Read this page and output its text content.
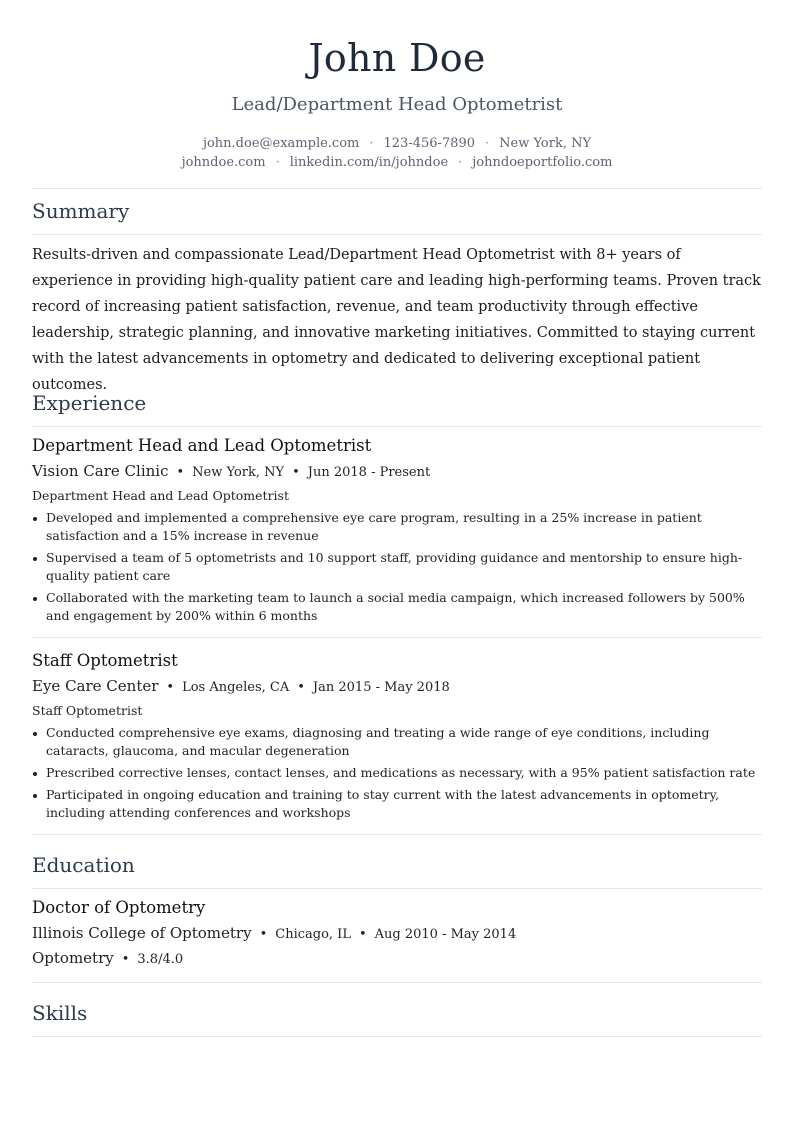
John Doe
Lead/Department Head Optometrist
john.doe@example.com · 123-456-7890 · New York, NY
johndoe.com · linkedin.com/in/johndoe · johndoeportfolio.com
Summary
Results-driven and compassionate Lead/Department Head Optometrist with 8+ years of experience in providing high-quality patient care and leading high-performing teams. Proven track record of increasing patient satisfaction, revenue, and team productivity through effective leadership, strategic planning, and innovative marketing initiatives. Committed to staying current with the latest advancements in optometry and dedicated to delivering exceptional patient outcomes.
Experience
Department Head and Lead Optometrist
Vision Care Clinic • New York, NY • Jun 2018 - Present
Department Head and Lead Optometrist
Developed and implemented a comprehensive eye care program, resulting in a 25% increase in patient satisfaction and a 15% increase in revenue
Supervised a team of 5 optometrists and 10 support staff, providing guidance and mentorship to ensure high-quality patient care
Collaborated with the marketing team to launch a social media campaign, which increased followers by 500% and engagement by 200% within 6 months
Staff Optometrist
Eye Care Center • Los Angeles, CA • Jan 2015 - May 2018
Staff Optometrist
Conducted comprehensive eye exams, diagnosing and treating a wide range of eye conditions, including cataracts, glaucoma, and macular degeneration
Prescribed corrective lenses, contact lenses, and medications as necessary, with a 95% patient satisfaction rate
Participated in ongoing education and training to stay current with the latest advancements in optometry, including attending conferences and workshops
Education
Doctor of Optometry
Illinois College of Optometry • Chicago, IL • Aug 2010 - May 2014
Optometry • 3.8/4.0
Skills
